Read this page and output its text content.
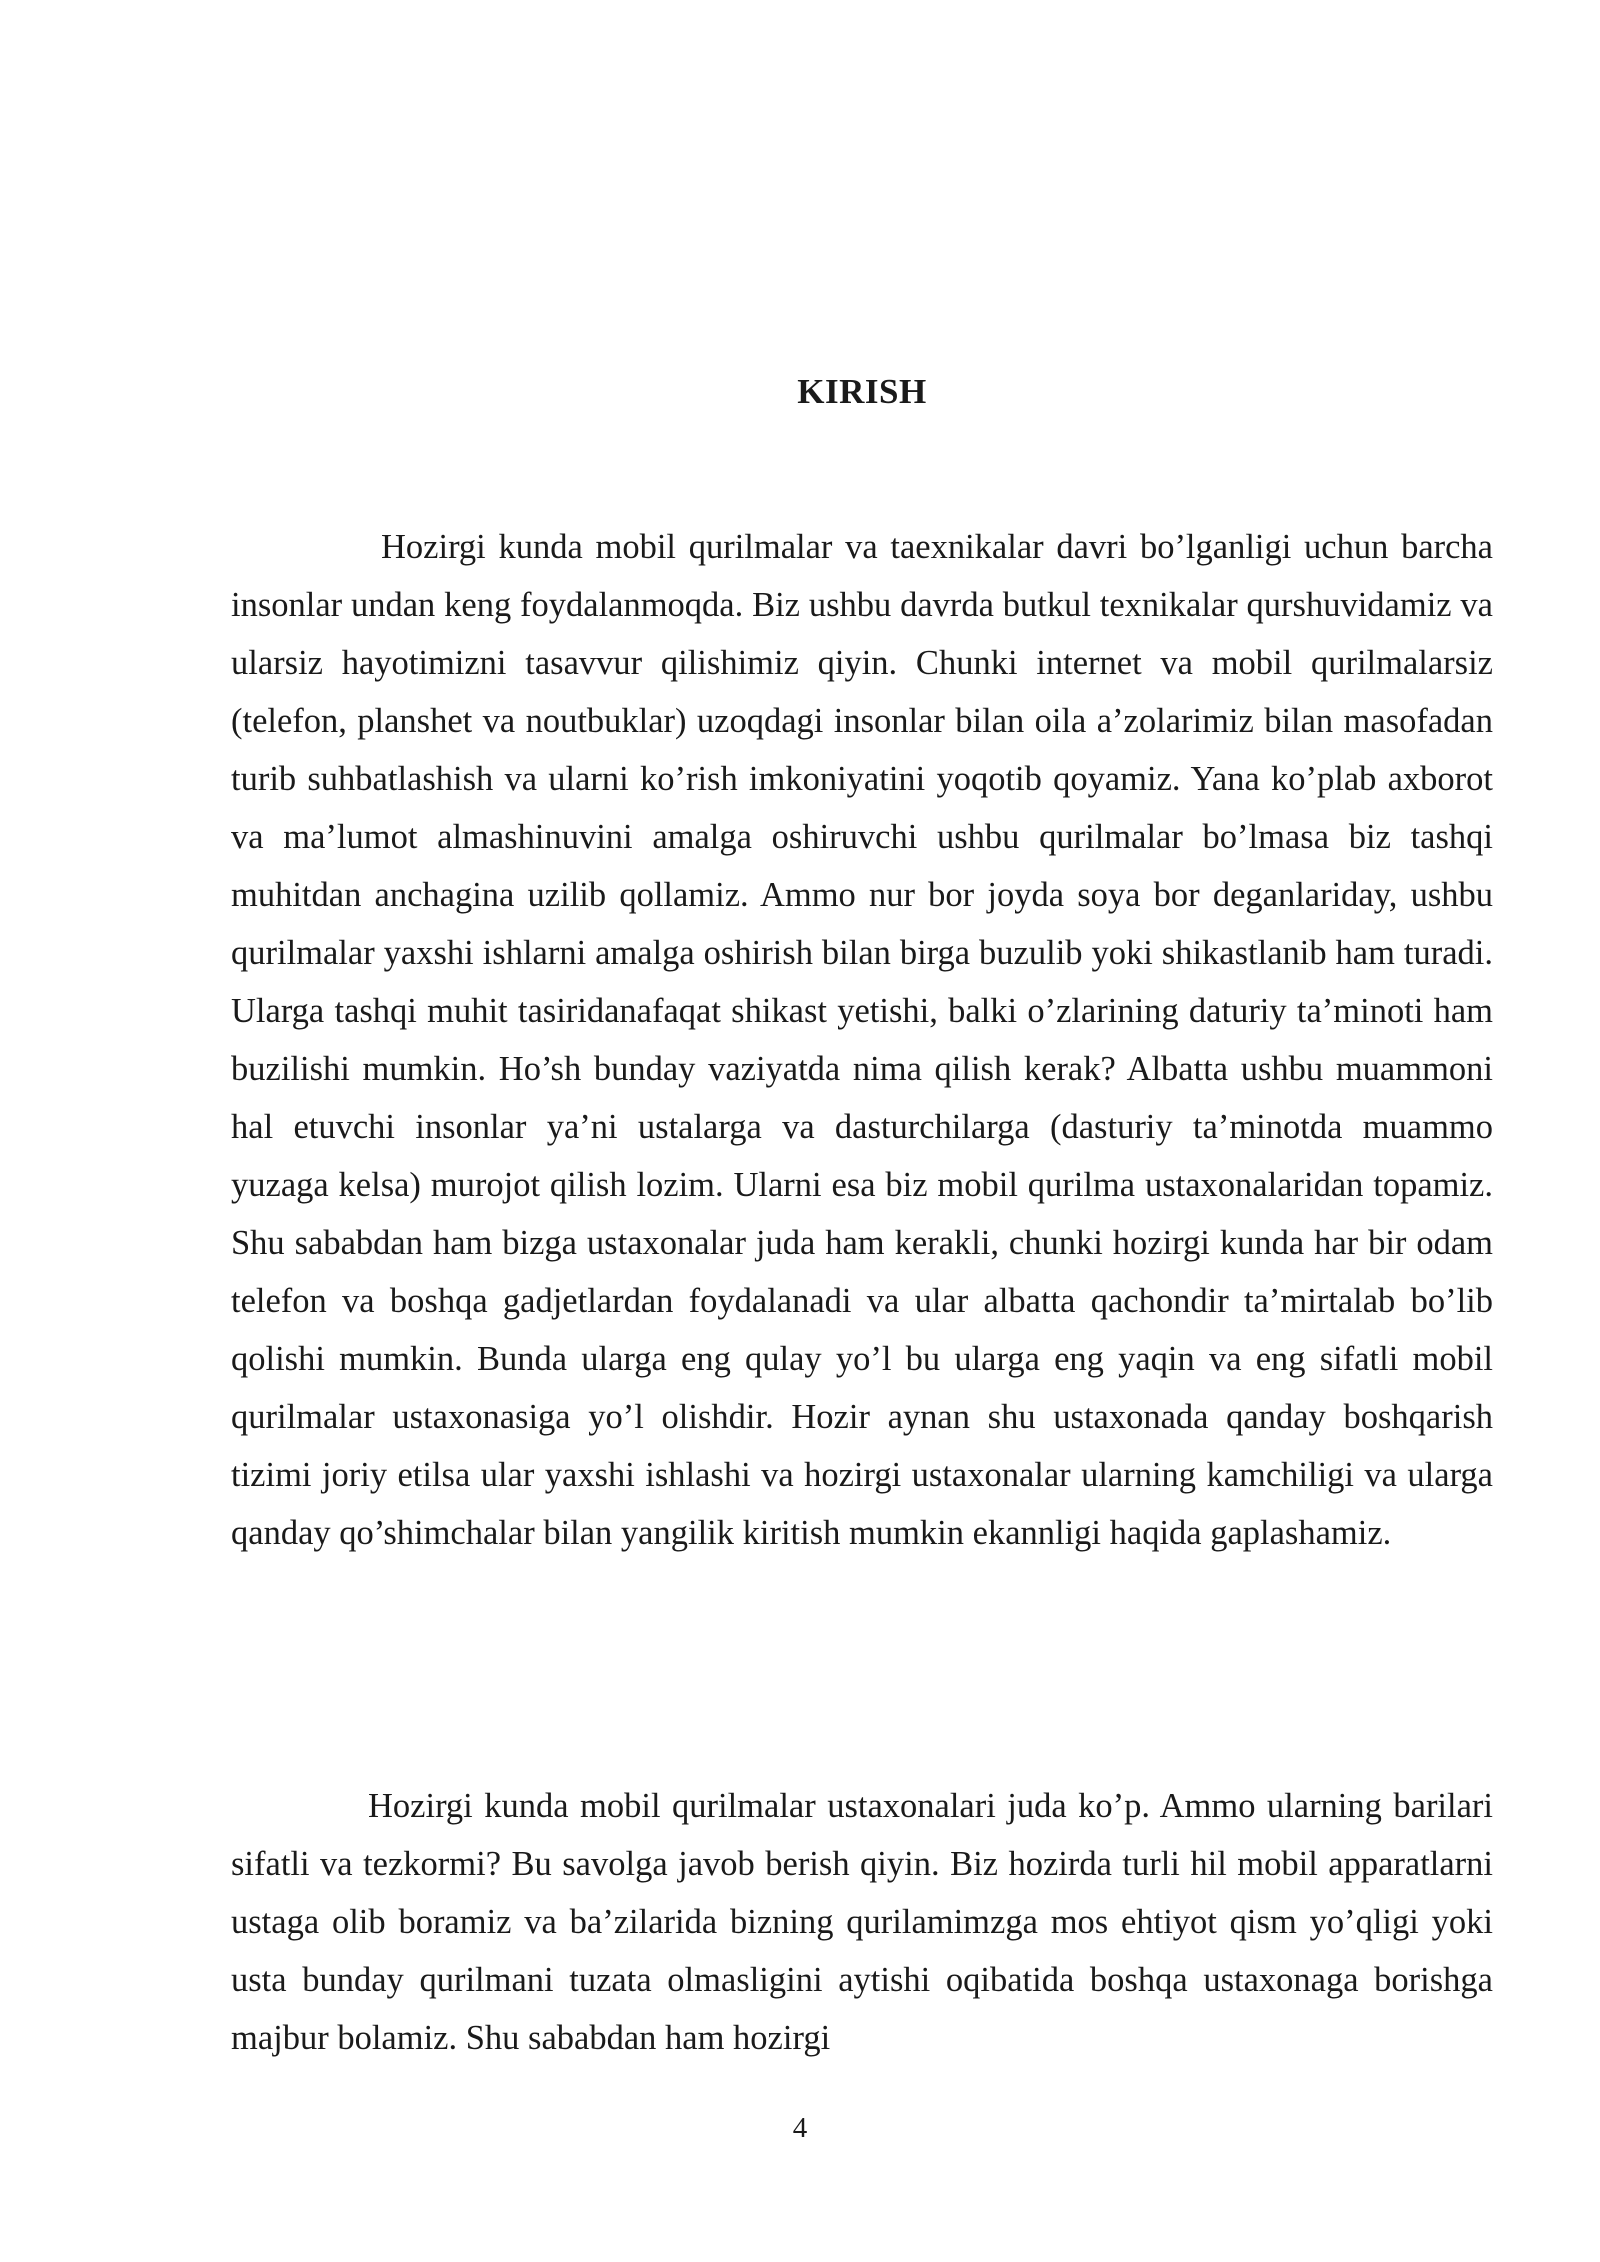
KIRISH

Hozirgi kunda mobil qurilmalar va taexnikalar davri bo’lganligi uchun barcha insonlar undan keng foydalanmoqda. Biz ushbu davrda butkul texnikalar qurshuvidamiz va ularsiz hayotimizni tasavvur qilishimiz qiyin. Chunki internet va mobil qurilmalarsiz (telefon, planshet va noutbuklar) uzoqdagi insonlar bilan oila a’zolarimiz bilan masofadan turib suhbatlashish va ularni ko’rish imkoniyatini yoqotib qoyamiz. Yana ko’plab axborot va ma’lumot almashinuvini amalga oshiruvchi ushbu qurilmalar bo’lmasa biz tashqi muhitdan anchagina uzilib qollamiz. Ammo nur bor joyda soya bor deganlariday, ushbu qurilmalar yaxshi ishlarni amalga oshirish bilan birga buzulib yoki shikastlanib ham turadi. Ularga tashqi muhit tasiridanafaqat shikast yetishi, balki o’zlarining daturiy ta’minoti ham buzilishi mumkin. Ho’sh bunday vaziyatda nima qilish kerak? Albatta ushbu muammoni hal etuvchi insonlar ya’ni ustalarga va dasturchilarga (dasturiy ta’minotda muammo yuzaga kelsa) murojot qilish lozim. Ularni esa biz mobil qurilma ustaxonalaridan topamiz. Shu sababdan ham bizga ustaxonalar juda ham kerakli, chunki hozirgi kunda har bir odam telefon va boshqa gadjetlardan foydalanadi va ular albatta qachondir ta’mirtalab bo’lib qolishi mumkin. Bunda ularga eng qulay yo’l bu ularga eng yaqin va eng sifatli mobil qurilmalar ustaxonasiga yo’l olishdir. Hozir aynan shu ustaxonada qanday boshqarish tizimi joriy etilsa ular yaxshi ishlashi va hozirgi ustaxonalar ularning kamchiligi va ularga qanday qo’shimchalar bilan yangilik kiritish mumkin ekannligi haqida gaplashamiz.

Hozirgi kunda mobil qurilmalar ustaxonalari juda ko’p. Ammo ularning barilari sifatli va tezkormi? Bu savolga javob berish qiyin. Biz hozirda turli hil mobil apparatlarni ustaga olib boramiz va ba’zilarida bizning qurilamimzga mos ehtiyot qism yo’qligi yoki usta bunday qurilmani tuzata olmasligini aytishi oqibatida boshqa ustaxonaga borishga majbur bolamiz. Shu sababdan ham hozirgi

4
